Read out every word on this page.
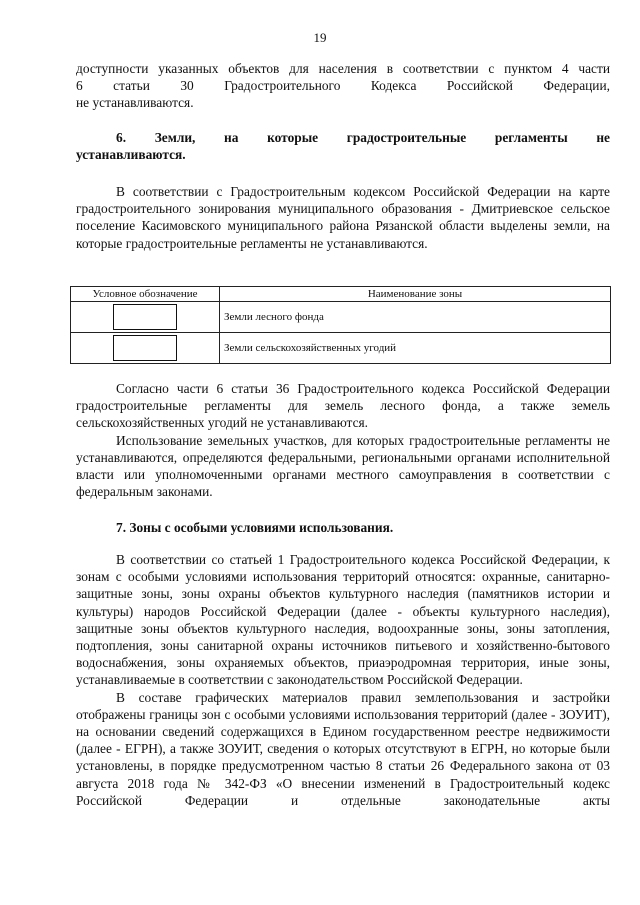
19
доступности указанных объектов для населения в соответствии с пунктом 4 части
6 статьи 30 Градостроительного Кодекса Российской Федерации,
не устанавливаются.
6. Земли, на которые градостроительные регламенты не
устанавливаются.
В соответствии с Градостроительным кодексом Российской Федерации на карте градостроительного зонирования муниципального образования - Дмитриевское сельское поселение Касимовского муниципального района Рязанской области выделены земли, на которые градостроительные регламенты не устанавливаются.
Условное обозначение	Наименование зоны
	Земли лесного фонда
	Земли сельскохозяйственных угодий

Согласно части 6 статьи 36 Градостроительного кодекса Российской Федерации градостроительные регламенты для земель лесного фонда, а также земель сельскохозяйственных угодий не устанавливаются.

Использование земельных участков, для которых градостроительные регламенты не устанавливаются, определяются федеральными, региональными органами исполнительной власти или уполномоченными органами местного самоуправления в соответствии с федеральным законами.

7. Зоны с особыми условиями использования.

В соответствии со статьей 1 Градостроительного кодекса Российской Федерации, к зонам с особыми условиями использования территорий относятся: охранные, санитарно-защитные зоны, зоны охраны объектов культурного наследия (памятников истории и культуры) народов Российской Федерации (далее - объекты культурного наследия), защитные зоны объектов культурного наследия, водоохранные зоны, зоны затопления, подтопления, зоны санитарной охраны источников питьевого и хозяйственно-бытового водоснабжения, зоны охраняемых объектов, приаэродромная территория, иные зоны, устанавливаемые в соответствии с законодательством Российской Федерации.

В составе графических материалов правил землепользования и застройки отображены границы зон с особыми условиями использования территорий (далее - ЗОУИТ), на основании сведений содержащихся в Едином государственном реестре недвижимости (далее - ЕГРН), а также ЗОУИТ, сведения о которых отсутствуют в ЕГРН, но которые были установлены, в порядке предусмотренном частью 8 статьи 26 Федерального закона от 03 августа 2018 года № 342-ФЗ «О внесении изменений в Градостроительный кодекс Российской Федерации и отдельные законодательные акты
